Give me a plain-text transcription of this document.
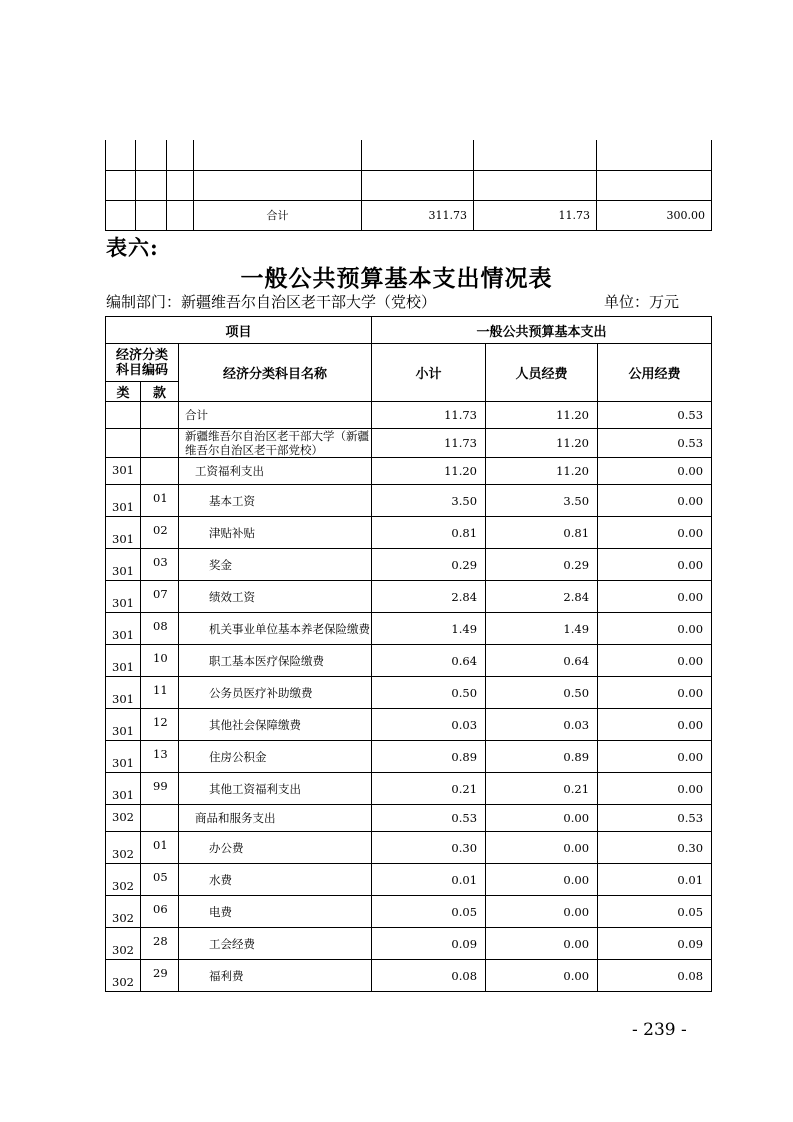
			合计	311.73	11.73	300.00
表六:
一般公共预算基本支出情况表
编制部门：新疆维吾尔自治区老干部大学（党校）	单位：万元
项目			一般公共预算基本支出		

经济分类
科目编码		经济分类科目名称	小计	人员经费	公用经费
类	款				
		合计	11.73	11.20	0.53
		新疆维吾尔自治区老干部大学（新疆维吾尔自治区老干部党校）	11.73	11.20	0.53
301		工资福利支出	11.20	11.20	0.00
301	01	基本工资	3.50	3.50	0.00
301	02	津贴补贴	0.81	0.81	0.00
301	03	奖金	0.29	0.29	0.00
301	07	绩效工资	2.84	2.84	0.00
301	08	机关事业单位基本养老保险缴费	1.49	1.49	0.00
301	10	职工基本医疗保险缴费	0.64	0.64	0.00
301	11	公务员医疗补助缴费	0.50	0.50	0.00
301	12	其他社会保障缴费	0.03	0.03	0.00
301	13	住房公积金	0.89	0.89	0.00
301	99	其他工资福利支出	0.21	0.21	0.00
302		商品和服务支出	0.53	0.00	0.53
302	01	办公费	0.30	0.00	0.30
302	05	水费	0.01	0.00	0.01
302	06	电费	0.05	0.00	0.05
302	28	工会经费	0.09	0.00	0.09
302	29	福利费	0.08	0.00	0.08
- 239 -
